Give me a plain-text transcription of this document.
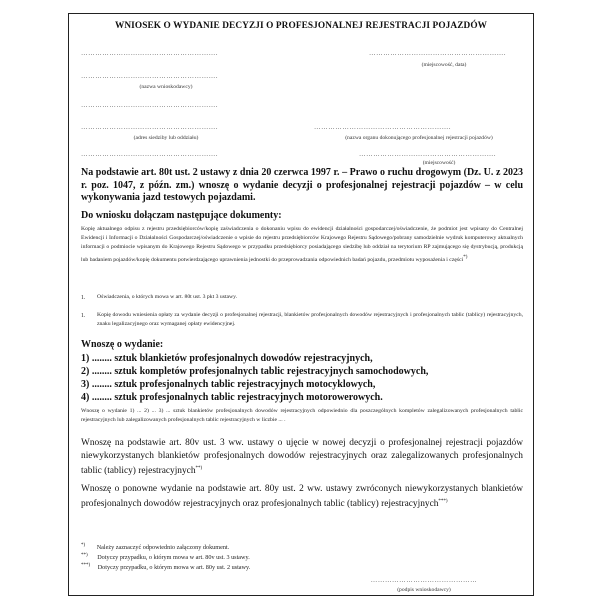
WNIOSEK O WYDANIE DECYZJI O PROFESJONALNEJ REJESTRACJI POJAZDÓW
………………………………………………….	………………………………………………….
(miejscowość, data)
………………………………………………….
(nazwa wnioskodawcy)
………………………………………………….
………………………………………………….
(adres siedziby lub oddziału)
………………………………………………….
(nazwa organu dokonującego profesjonalnej rejestracji pojazdów)
………………………………………………….	………………………………………………….
(miejscowość)
Na podstawie art. 80t ust. 2 ustawy z dnia 20 czerwca 1997 r. – Prawo o ruchu drogowym (Dz. U. z 2023 r. poz. 1047, z późn. zm.) wnoszę o wydanie decyzji o profesjonalnej rejestracji pojazdów – w celu wykonywania jazd testowych pojazdami.
Do wniosku dołączam następujące dokumenty:
Kopię aktualnego odpisu z rejestru przedsiębiorców/kopię zaświadczenia o dokonaniu wpisu do ewidencji działalności gospodarczej/oświadczenie, że podmiot jest wpisany do Centralnej Ewidencji i Informacji o Działalności Gospodarczej/oświadczenie o wpisie do rejestru przedsiębiorców Krajowego Rejestru Sądowego/pobrany samodzielnie wydruk komputerowy aktualnych informacji o podmiocie wpisanym do Krajowego Rejestru Sądowego w przypadku przedsiębiorcy posiadającego siedzibę lub oddział na terytorium RP zajmującego się dystrybucją, produkcją lub badaniem pojazdów/kopię dokumentu potwierdzającego uprawnienia jednostki do przeprowadzania odpowiednich badań pojazdu, przedmiotu wyposażenia i części*)
1. Oświadczenia, o których mowa w art. 80t ust. 3 pkt 3 ustawy.
1. Kopię dowodu wniesienia opłaty za wydanie decyzji o profesjonalnej rejestracji, blankietów profesjonalnych dowodów rejestracyjnych i profesjonalnych tablic (tablicy) rejestracyjnych, znaku legalizacyjnego oraz wymaganej opłaty ewidencyjnej.
Wnoszę o wydanie:
1) ........ sztuk blankietów profesjonalnych dowodów rejestracyjnych,
2) ........ sztuk kompletów profesjonalnych tablic rejestracyjnych samochodowych,
3) ........ sztuk profesjonalnych tablic rejestracyjnych motocyklowych,
4) ........ sztuk profesjonalnych tablic rejestracyjnych motorowerowych.
Wnoszę o wydanie 1) ... 2) ... 3) ... sztuk blankietów profesjonalnych dowodów rejestracyjnych odpowiednio dla poszczególnych kompletów zalegalizowanych profesjonalnych tablic rejestracyjnych lub zalegalizowanych profesjonalnych tablic rejestracyjnych w liczbie ... .
Wnoszę na podstawie art. 80v ust. 3 ww. ustawy o ujęcie w nowej decyzji o profesjonalnej rejestracji pojazdów niewykorzystanych blankietów profesjonalnych dowodów rejestracyjnych oraz zalegalizowanych profesjonalnych tablic (tablicy) rejestracyjnych**)
Wnoszę o ponowne wydanie na podstawie art. 80y ust. 2 ww. ustawy zwróconych niewykorzystanych blankietów profesjonalnych dowodów rejestracyjnych oraz profesjonalnych tablic (tablicy) rejestracyjnych***)
*) Należy zaznaczyć odpowiednio załączony dokument.
**) Dotyczy przypadku, o którym mowa w art. 80v ust. 3 ustawy.
***) Dotyczy przypadku, o którym mowa w art. 80y ust. 2 ustawy.
………………………………………
(podpis wnioskodawcy)
